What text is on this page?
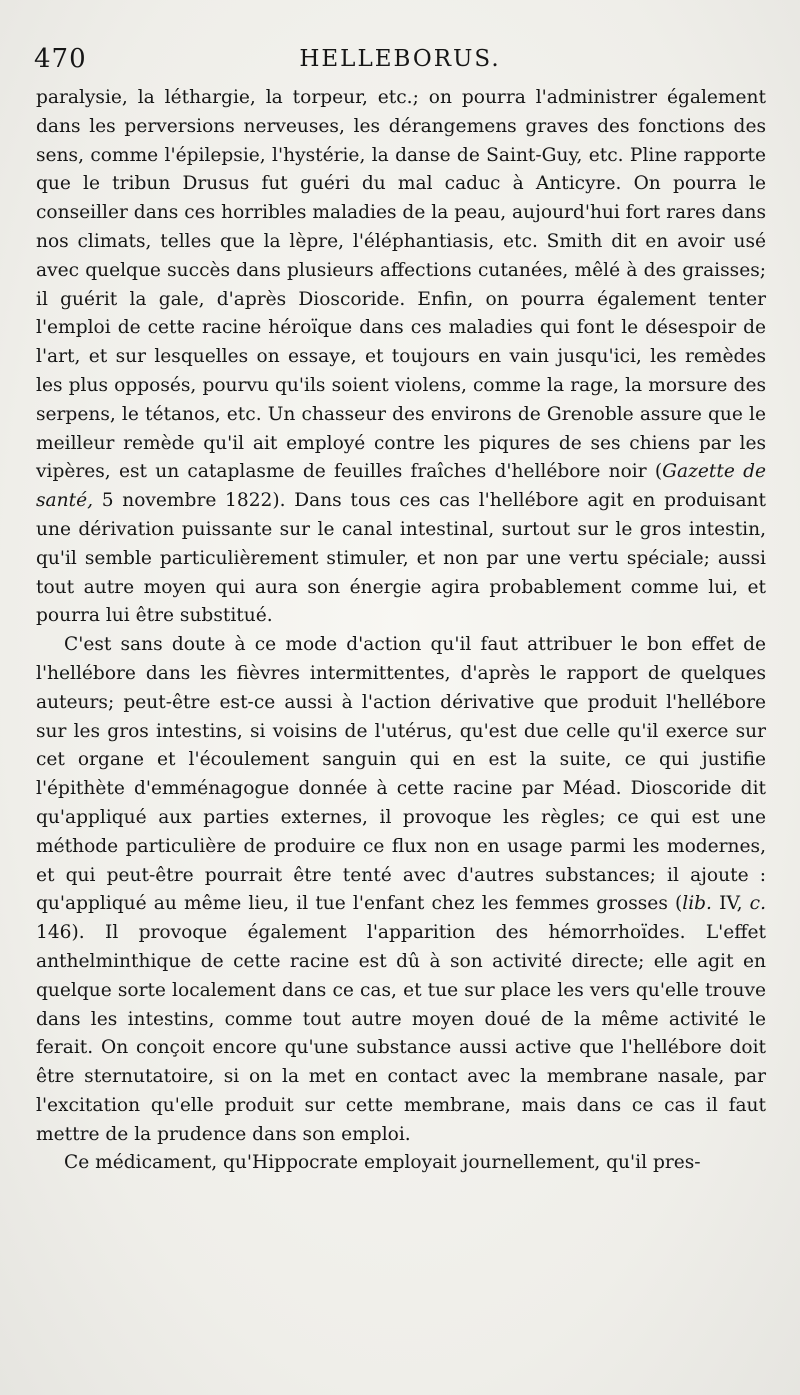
470	HELLEBORUS.

paralysie, la léthargie, la torpeur, etc.; on pourra l'administrer également dans les perversions nerveuses, les dérangemens graves des fonctions des sens, comme l'épilepsie, l'hystérie, la danse de Saint-Guy, etc. Pline rapporte que le tribun Drusus fut guéri du mal caduc à Anticyre. On pourra le conseiller dans ces horribles maladies de la peau, aujourd'hui fort rares dans nos climats, telles que la lèpre, l'éléphantiasis, etc. Smith dit en avoir usé avec quelque succès dans plusieurs affections cutanées, mêlé à des graisses; il guérit la gale, d'après Dioscoride. Enfin, on pourra également tenter l'emploi de cette racine héroïque dans ces maladies qui font le désespoir de l'art, et sur lesquelles on essaye, et toujours en vain jusqu'ici, les remèdes les plus opposés, pourvu qu'ils soient violens, comme la rage, la morsure des serpens, le tétanos, etc. Un chasseur des environs de Grenoble assure que le meilleur remède qu'il ait employé contre les piqures de ses chiens par les vipères, est un cataplasme de feuilles fraîches d'hellébore noir (Gazette de santé, 5 novembre 1822). Dans tous ces cas l'hellébore agit en produisant une dérivation puissante sur le canal intestinal, surtout sur le gros intestin, qu'il semble particulièrement stimuler, et non par une vertu spéciale; aussi tout autre moyen qui aura son énergie agira probablement comme lui, et pourra lui être substitué.

C'est sans doute à ce mode d'action qu'il faut attribuer le bon effet de l'hellébore dans les fièvres intermittentes, d'après le rapport de quelques auteurs; peut-être est-ce aussi à l'action dérivative que produit l'hellébore sur les gros intestins, si voisins de l'utérus, qu'est due celle qu'il exerce sur cet organe et l'écoulement sanguin qui en est la suite, ce qui justifie l'épithète d'emménagogue donnée à cette racine par Méad. Dioscoride dit qu'appliqué aux parties externes, il provoque les règles; ce qui est une méthode particulière de produire ce flux non en usage parmi les modernes, et qui peut-être pourrait être tenté avec d'autres substances; il ajoute : qu'appliqué au même lieu, il tue l'enfant chez les femmes grosses (lib. IV, c. 146). Il provoque également l'apparition des hémorrhoïdes. L'effet anthelminthique de cette racine est dû à son activité directe; elle agit en quelque sorte localement dans ce cas, et tue sur place les vers qu'elle trouve dans les intestins, comme tout autre moyen doué de la même activité le ferait. On conçoit encore qu'une substance aussi active que l'hellébore doit être sternutatoire, si on la met en contact avec la membrane nasale, par l'excitation qu'elle produit sur cette membrane, mais dans ce cas il faut mettre de la prudence dans son emploi.

Ce médicament, qu'Hippocrate employait journellement, qu'il pres-
